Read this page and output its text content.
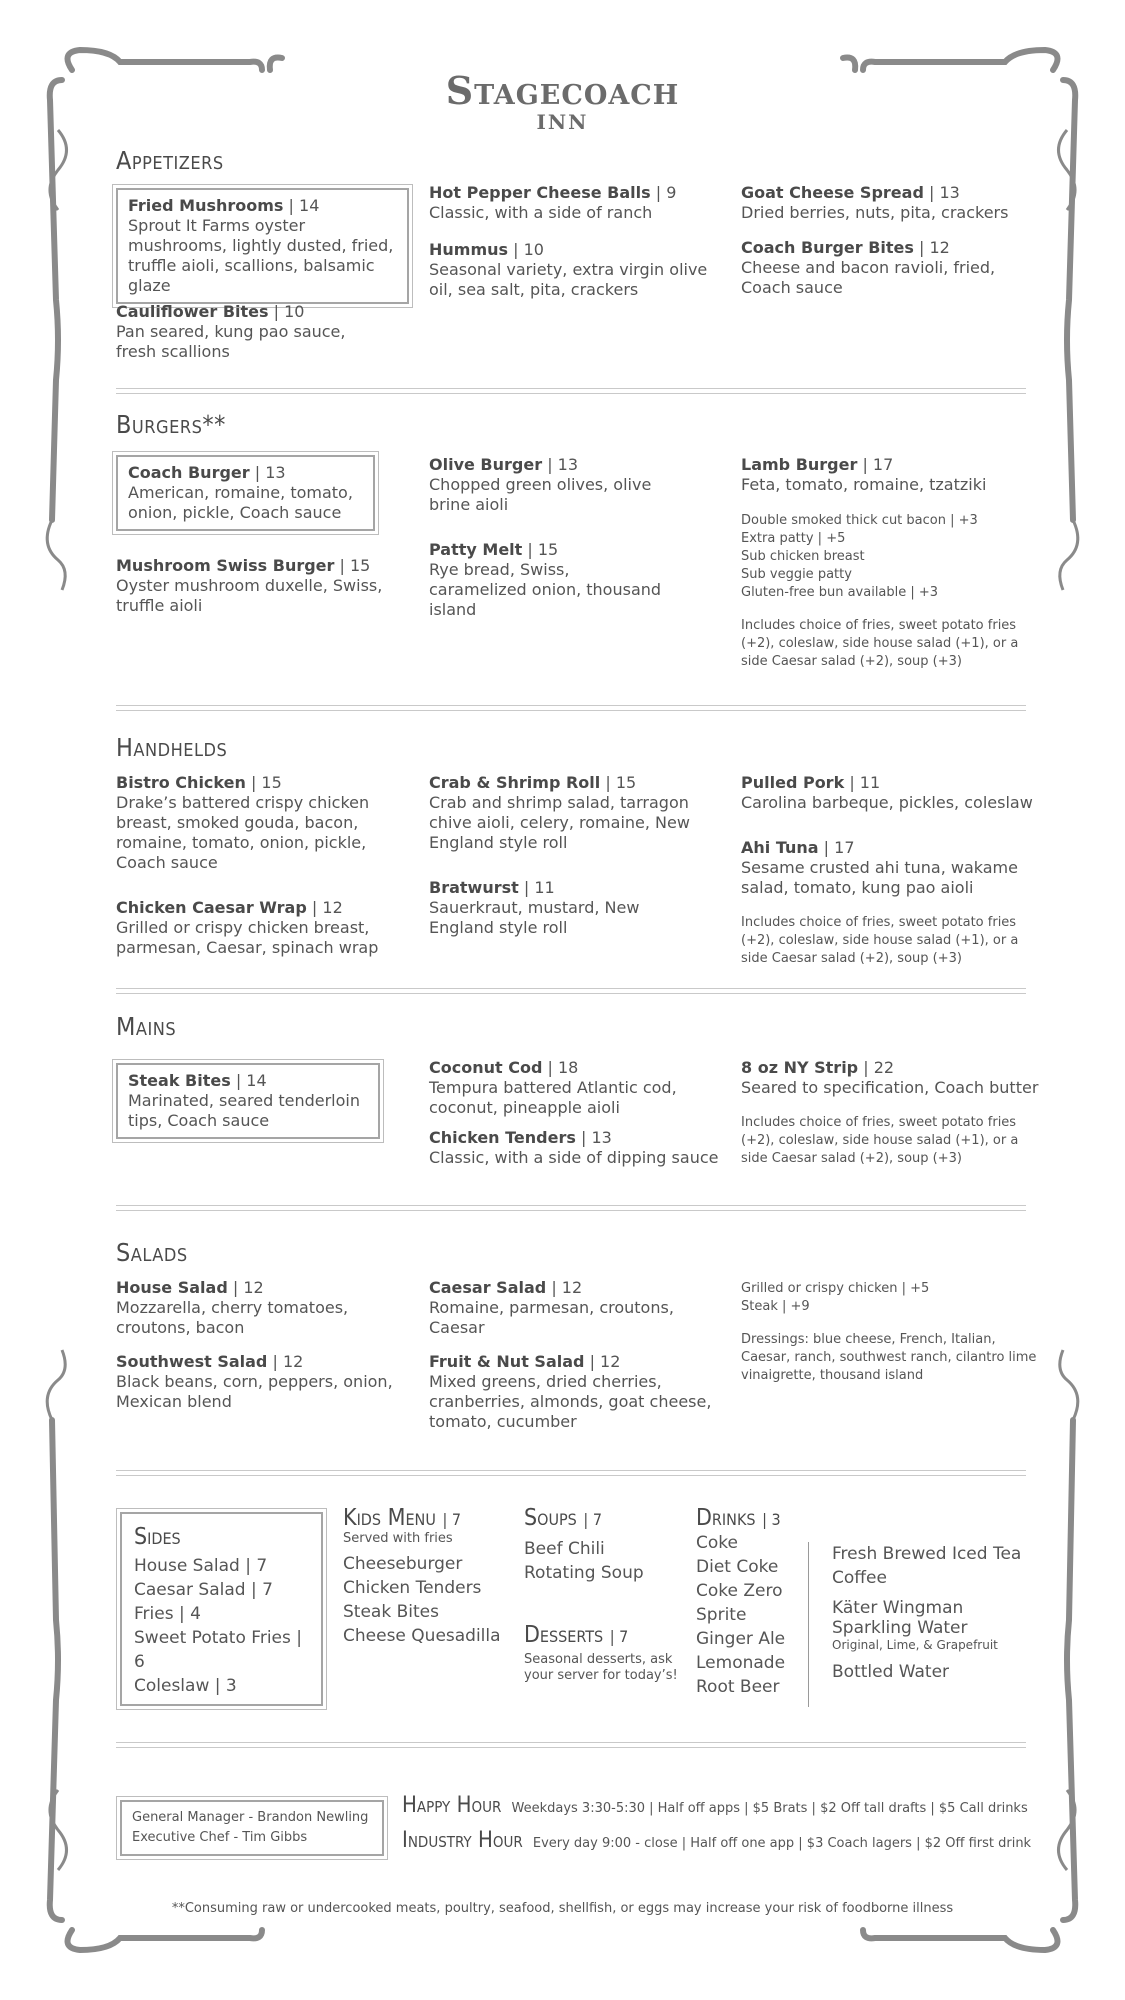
Stagecoach
INN
Appetizers
Fried Mushrooms | 14
Sprout It Farms oyster mushrooms, lightly dusted, fried, truffle aioli, scallions, balsamic glaze
Cauliflower Bites | 10
Pan seared, kung pao sauce, fresh scallions
Hot Pepper Cheese Balls | 9
Classic, with a side of ranch
Hummus | 10
Seasonal variety, extra virgin olive oil, sea salt, pita, crackers
Goat Cheese Spread | 13
Dried berries, nuts, pita, crackers
Coach Burger Bites | 12
Cheese and bacon ravioli, fried, Coach sauce
Burgers**
Coach Burger | 13
American, romaine, tomato, onion, pickle, Coach sauce
Mushroom Swiss Burger | 15
Oyster mushroom duxelle, Swiss, truffle aioli
Olive Burger | 13
Chopped green olives, olive brine aioli
Patty Melt | 15
Rye bread, Swiss, caramelized onion, thousand island
Lamb Burger | 17
Feta, tomato, romaine, tzatziki

Double smoked thick cut bacon | +3
Extra patty | +5
Sub chicken breast
Sub veggie patty
Gluten-free bun available | +3

Includes choice of fries, sweet potato fries (+2), coleslaw, side house salad (+1), or a side Caesar salad (+2), soup (+3)

Handhelds
Bistro Chicken | 15
Drake’s battered crispy chicken breast, smoked gouda, bacon, romaine, tomato, onion, pickle, Coach sauce
Chicken Caesar Wrap | 12
Grilled or crispy chicken breast, parmesan, Caesar, spinach wrap
Crab & Shrimp Roll | 15
Crab and shrimp salad, tarragon chive aioli, celery, romaine, New England style roll
Bratwurst | 11
Sauerkraut, mustard, New England style roll
Pulled Pork | 11
Carolina barbeque, pickles, coleslaw
Ahi Tuna | 17
Sesame crusted ahi tuna, wakame salad, tomato, kung pao aioli
Includes choice of fries, sweet potato fries (+2), coleslaw, side house salad (+1), or a side Caesar salad (+2), soup (+3)
Mains
Steak Bites | 14
Marinated, seared tenderloin tips, Coach sauce
Coconut Cod | 18
Tempura battered Atlantic cod, coconut, pineapple aioli
Chicken Tenders | 13
Classic, with a side of dipping sauce
8 oz NY Strip | 22
Seared to specification, Coach butter
Includes choice of fries, sweet potato fries (+2), coleslaw, side house salad (+1), or a side Caesar salad (+2), soup (+3)
Salads
House Salad | 12
Mozzarella, cherry tomatoes, croutons, bacon
Southwest Salad | 12
Black beans, corn, peppers, onion, Mexican blend
Caesar Salad | 12
Romaine, parmesan, croutons, Caesar
Fruit & Nut Salad | 12
Mixed greens, dried cherries, cranberries, almonds, goat cheese, tomato, cucumber

Grilled or crispy chicken | +5
Steak | +9

Dressings: blue cheese, French, Italian, Caesar, ranch, southwest ranch, cilantro lime vinaigrette, thousand island

Sides
House Salad | 7
Caesar Salad | 7
Fries | 4
Sweet Potato Fries | 6
Coleslaw | 3
Kids Menu | 7
Served with fries
Cheeseburger
Chicken Tenders
Steak Bites
Cheese Quesadilla
Soups | 7
Beef Chili
Rotating Soup
Desserts | 7
Seasonal desserts, ask your server for today’s!
Drinks | 3
Coke
Diet Coke
Coke Zero
Sprite
Ginger Ale
Lemonade
Root Beer
Fresh Brewed Iced Tea
Coffee
Käter Wingman
Sparkling Water
Original, Lime, & Grapefruit
Bottled Water
General Manager - Brandon Newling
Executive Chef - Tim Gibbs
Happy Hour Weekdays 3:30-5:30 | Half off apps | $5 Brats | $2 Off tall drafts | $5 Call drinks
Industry Hour Every day 9:00 - close | Half off one app | $3 Coach lagers | $2 Off first drink
**Consuming raw or undercooked meats, poultry, seafood, shellfish, or eggs may increase your risk of foodborne illness
